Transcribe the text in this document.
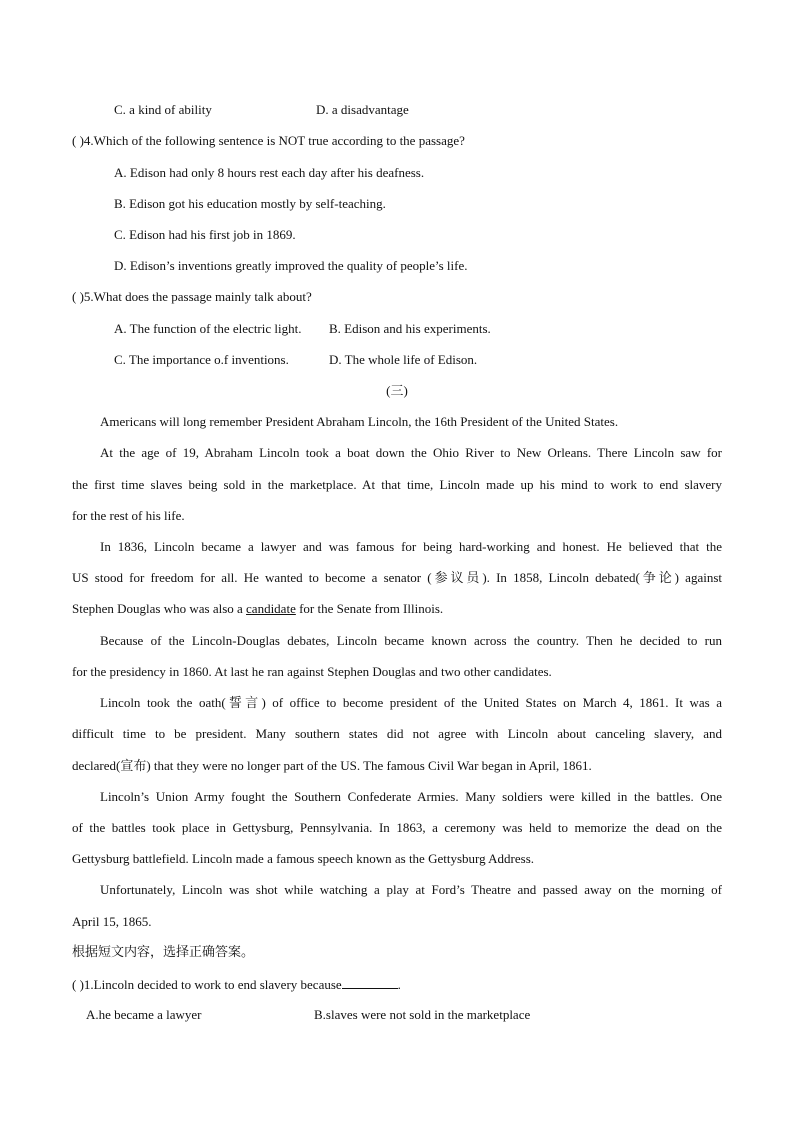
C. a kind of ability	D. a disadvantage
( )4.Which of the following sentence is NOT true according to the passage?
A. Edison had only 8 hours rest each day after his deafness.
B. Edison got his education mostly by self-teaching.
C. Edison had his first job in 1869.
D. Edison’s inventions greatly improved the quality of people’s life.
( )5.What does the passage mainly talk about?
A. The function of the electric light. B. Edison and his experiments.
C. The importance o.f inventions.	D. The whole life of Edison.
(三)
Americans will long remember President Abraham Lincoln, the 16th President of the United States.
At the age of 19, Abraham Lincoln took a boat down the Ohio River to New Orleans. There Lincoln saw for
the first time slaves being sold in the marketplace. At that time, Lincoln made up his mind to work to end slavery
for the rest of his life.
In 1836, Lincoln became a lawyer and was famous for being hard-working and honest. He believed that the
US stood for freedom for all. He wanted to become a senator (参议员). In 1858, Lincoln debated(争论) against
Stephen Douglas who was also a candidate for the Senate from Illinois.
Because of the Lincoln-Douglas debates, Lincoln became known across the country. Then he decided to run
for the presidency in 1860. At last he ran against Stephen Douglas and two other candidates.
Lincoln took the oath(誓言) of office to become president of the United States on March 4, 1861. It was a
difficult time to be president. Many southern states did not agree with Lincoln about canceling slavery, and
declared(宣布) that they were no longer part of the US. The famous Civil War began in April, 1861.
Lincoln’s Union Army fought the Southern Confederate Armies. Many soldiers were killed in the battles. One
of the battles took place in Gettysburg, Pennsylvania. In 1863, a ceremony was held to memorize the dead on the
Gettysburg battlefield. Lincoln made a famous speech known as the Gettysburg Address.
Unfortunately, Lincoln was shot while watching a play at Ford’s Theatre and passed away on the morning of
April 15, 1865.
根据短文内容，选择正确答案。
( )1.Lincoln decided to work to end slavery because	.
A.he became a lawyer	B.slaves were not sold in the marketplace
